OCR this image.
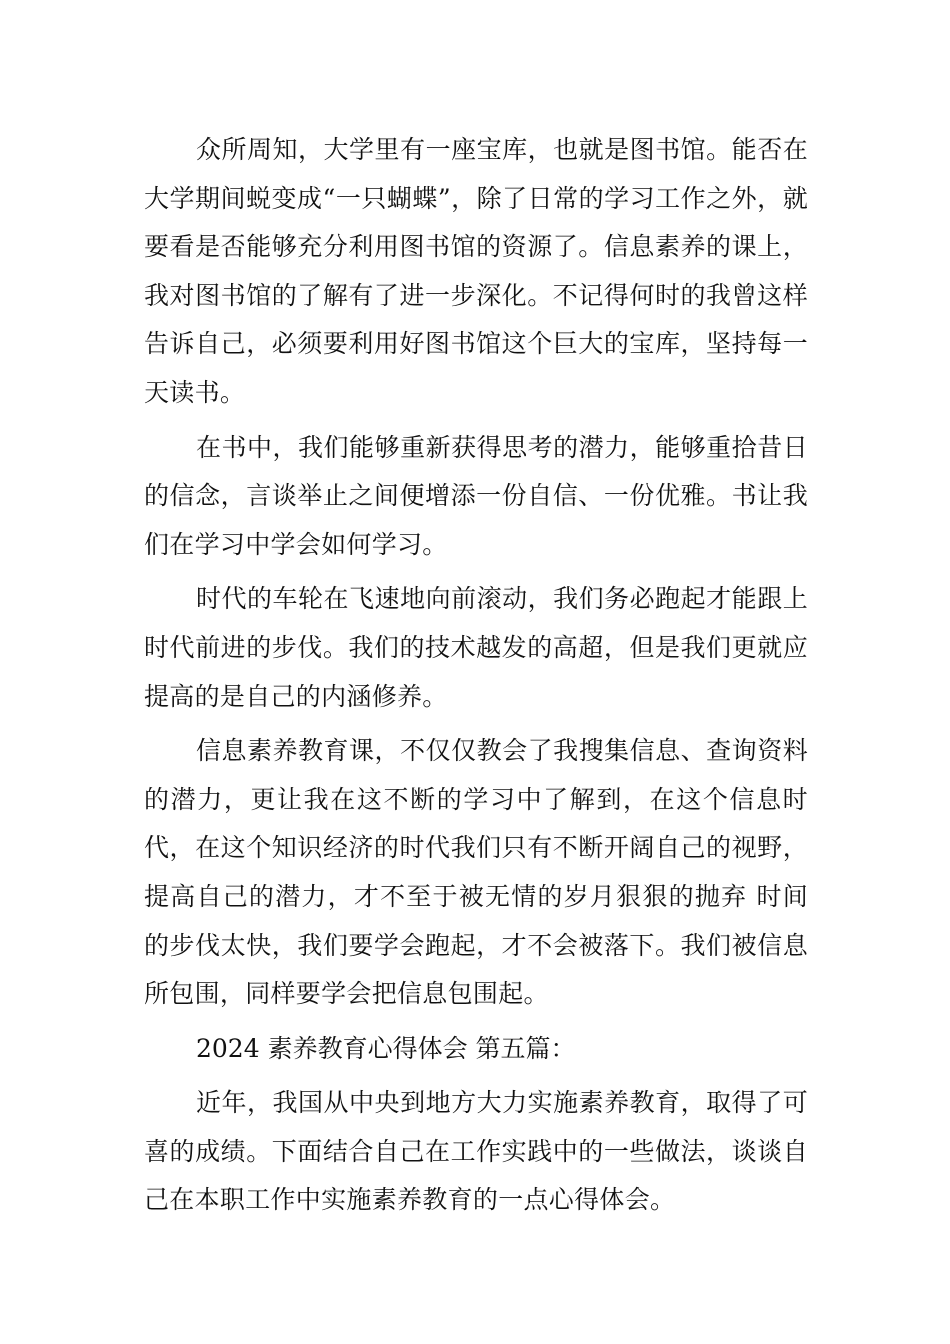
众所周知，大学里有一座宝库，也就是图书馆。能否在大学期间蜕变成“一只蝴蝶”，除了日常的学习工作之外，就要看是否能够充分利用图书馆的资源了。信息素养的课上，我对图书馆的了解有了进一步深化。不记得何时的我曾这样告诉自己，必须要利用好图书馆这个巨大的宝库，坚持每一天读书。

在书中，我们能够重新获得思考的潜力，能够重拾昔日的信念，言谈举止之间便增添一份自信、一份优雅。书让我们在学习中学会如何学习。

时代的车轮在飞速地向前滚动，我们务必跑起才能跟上时代前进的步伐。我们的技术越发的高超，但是我们更就应提高的是自己的内涵修养。

信息素养教育课，不仅仅教会了我搜集信息、查询资料的潜力，更让我在这不断的学习中了解到，在这个信息时代，在这个知识经济的时代我们只有不断开阔自己的视野，提高自己的潜力，才不至于被无情的岁月狠狠的抛弃 时间的步伐太快，我们要学会跑起，才不会被落下。我们被信息所包围，同样要学会把信息包围起。

2024 素养教育心得体会 第五篇：

近年，我国从中央到地方大力实施素养教育，取得了可喜的成绩。下面结合自己在工作实践中的一些做法，谈谈自己在本职工作中实施素养教育的一点心得体会。
